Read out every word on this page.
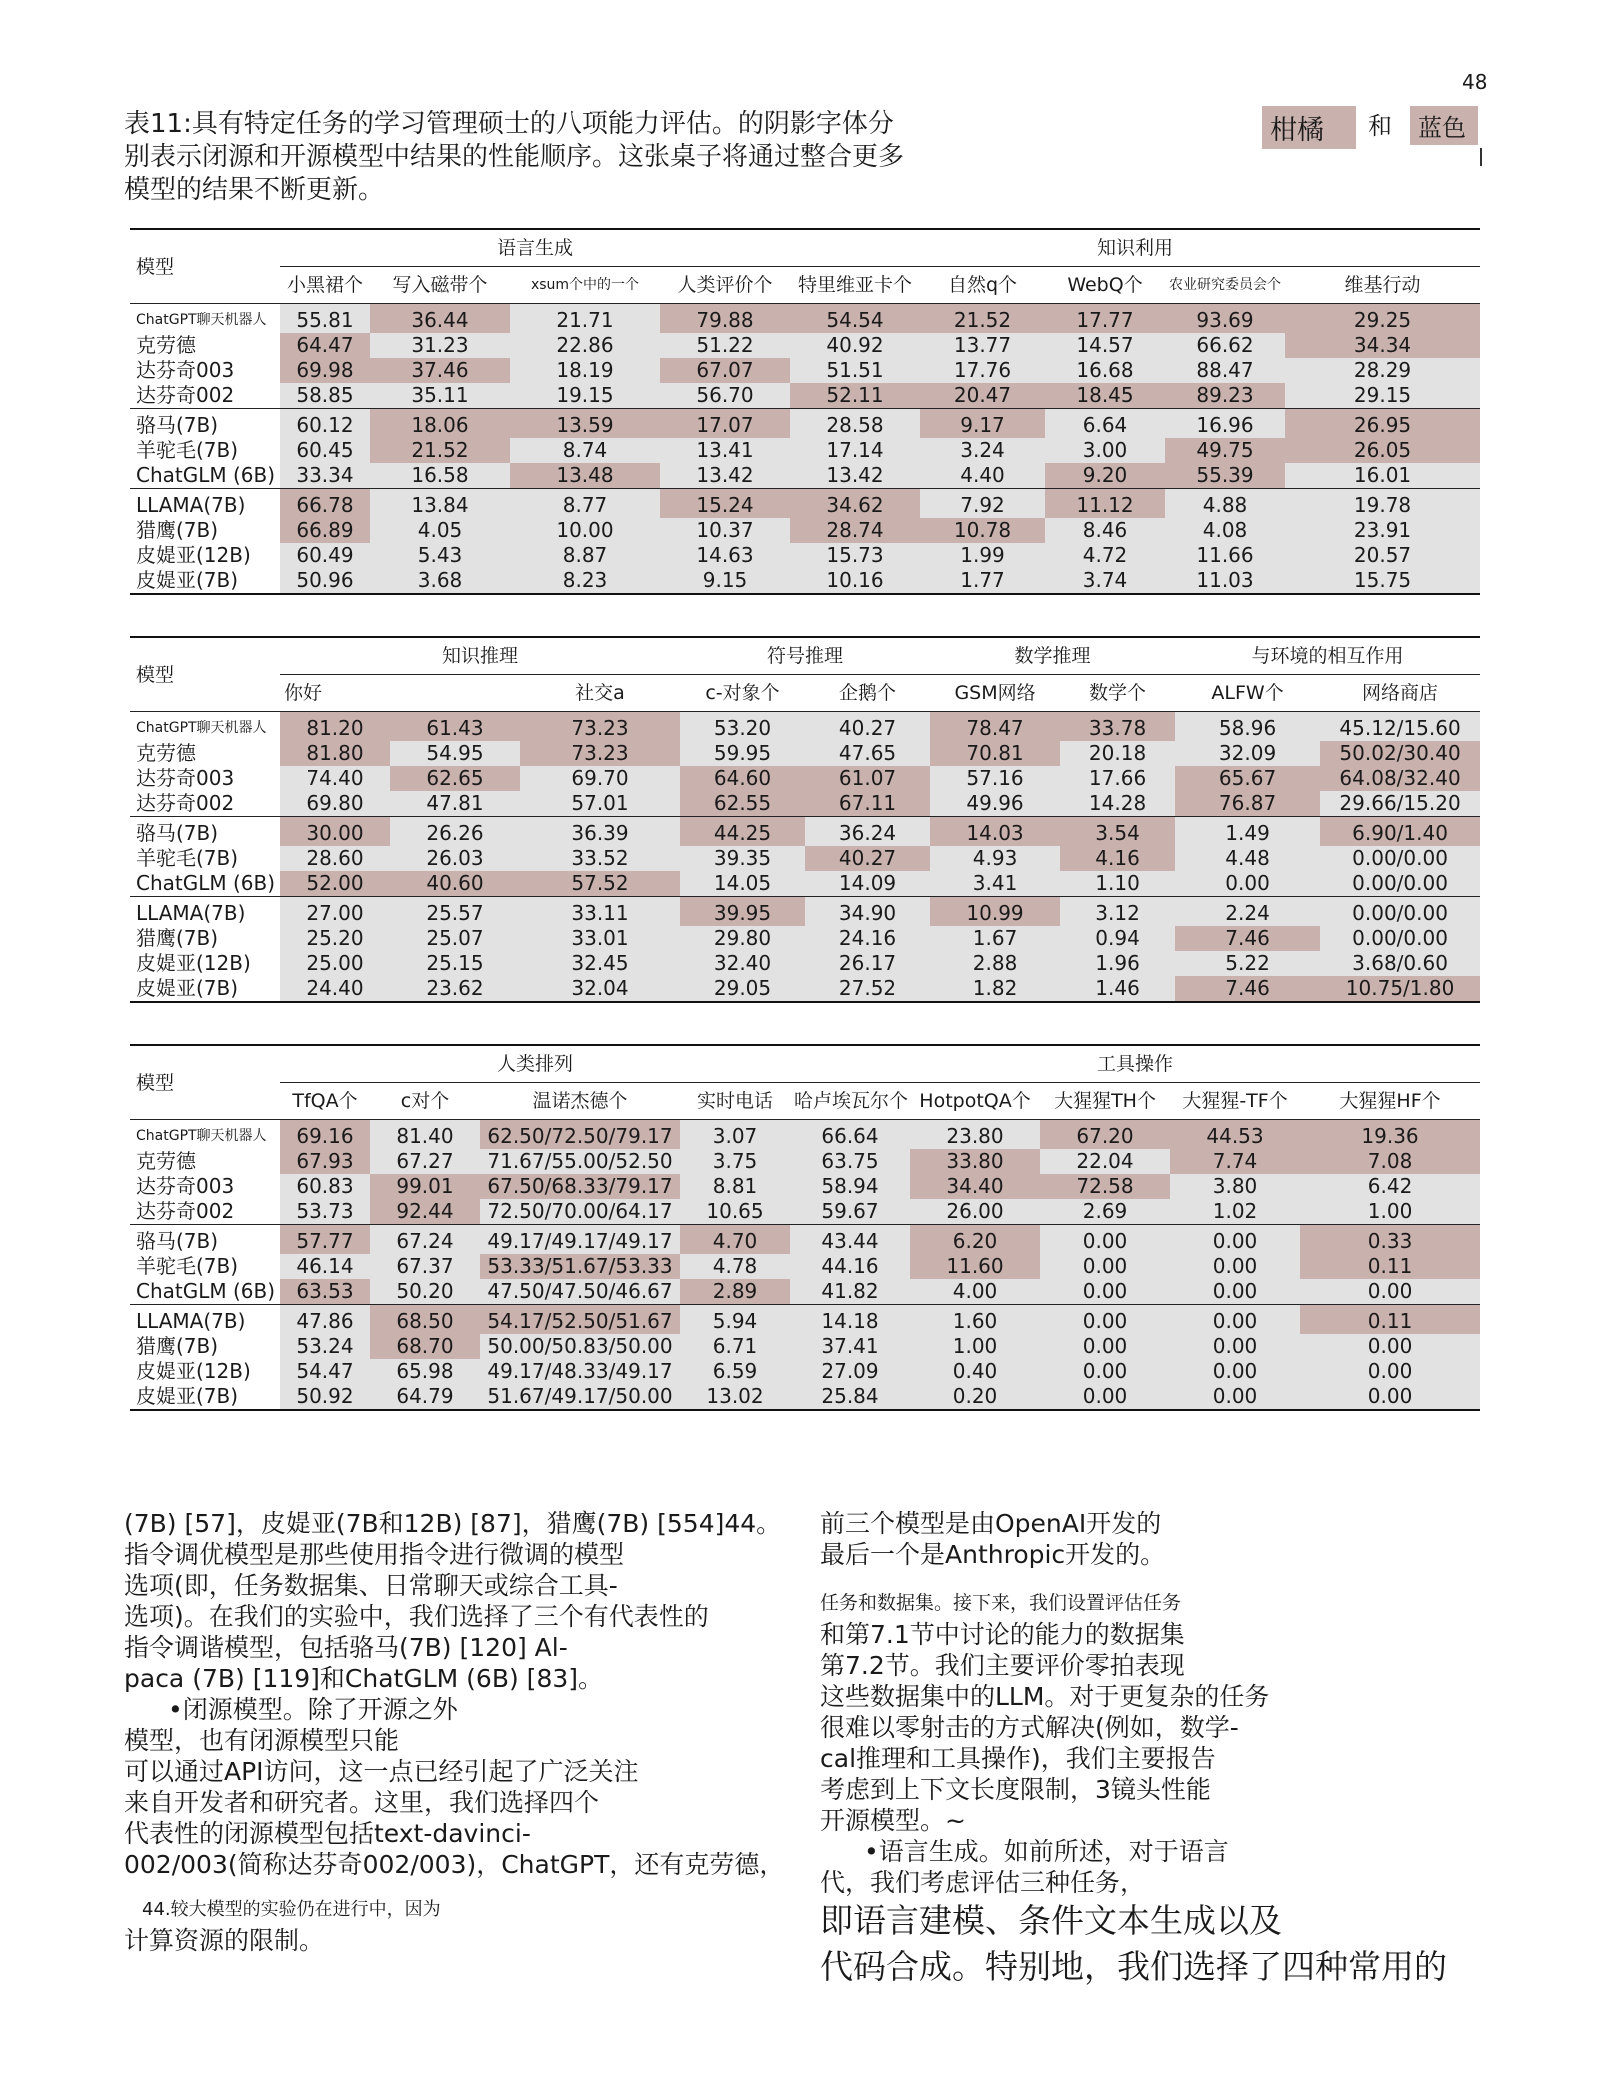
48
表11:具有特定任务的学习管理硕士的八项能力评估。的阴影字体分别表示闭源和开源模型中结果的性能顺序。这张桌子将通过整合更多模型的结果不断更新。
柑橘 和 蓝色
模型	语言生成				知识利用				
	小黑裙个	写入磁带个	xsum个中的一个	人类评价个	特里维亚卡个	自然q个	WebQ个	农业研究委员会个	维基行动
ChatGPT聊天机器人	55.81	36.44	21.71	79.88	54.54	21.52	17.77	93.69	29.25
克劳德	64.47	31.23	22.86	51.22	40.92	13.77	14.57	66.62	34.34
达芬奇003	69.98	37.46	18.19	67.07	51.51	17.76	16.68	88.47	28.29
达芬奇002	58.85	35.11	19.15	56.70	52.11	20.47	18.45	89.23	29.15
骆马(7B)	60.12	18.06	13.59	17.07	28.58	9.17	6.64	16.96	26.95
羊驼毛(7B)	60.45	21.52	8.74	13.41	17.14	3.24	3.00	49.75	26.05
ChatGLM (6B)	33.34	16.58	13.48	13.42	13.42	4.40	9.20	55.39	16.01
LLAMA(7B)	66.78	13.84	8.77	15.24	34.62	7.92	11.12	4.88	19.78
猎鹰(7B)	66.89	4.05	10.00	10.37	28.74	10.78	8.46	4.08	23.91
皮媞亚(12B)	60.49	5.43	8.87	14.63	15.73	1.99	4.72	11.66	20.57
皮媞亚(7B)	50.96	3.68	8.23	9.15	10.16	1.77	3.74	11.03	15.75
模型	知识推理			符号推理		数学推理		与环境的相互作用	
	你好		社交a	c-对象个	企鹅个	GSM网络	数学个	ALFW个	网络商店
ChatGPT聊天机器人	81.20	61.43	73.23	53.20	40.27	78.47	33.78	58.96	45.12/15.60
克劳德	81.80	54.95	73.23	59.95	47.65	70.81	20.18	32.09	50.02/30.40
达芬奇003	74.40	62.65	69.70	64.60	61.07	57.16	17.66	65.67	64.08/32.40
达芬奇002	69.80	47.81	57.01	62.55	67.11	49.96	14.28	76.87	29.66/15.20
骆马(7B)	30.00	26.26	36.39	44.25	36.24	14.03	3.54	1.49	6.90/1.40
羊驼毛(7B)	28.60	26.03	33.52	39.35	40.27	4.93	4.16	4.48	0.00/0.00
ChatGLM (6B)	52.00	40.60	57.52	14.05	14.09	3.41	1.10	0.00	0.00/0.00
LLAMA(7B)	27.00	25.57	33.11	39.95	34.90	10.99	3.12	2.24	0.00/0.00
猎鹰(7B)	25.20	25.07	33.01	29.80	24.16	1.67	0.94	7.46	0.00/0.00
皮媞亚(12B)	25.00	25.15	32.45	32.40	26.17	2.88	1.96	5.22	3.68/0.60
皮媞亚(7B)	24.40	23.62	32.04	29.05	27.52	1.82	1.46	7.46	10.75/1.80
模型	人类排列				工具操作				
	TfQA个	c对个	温诺杰德个	实时电话	哈卢埃瓦尔个	HotpotQA个	大猩猩TH个	大猩猩-TF个	大猩猩HF个
ChatGPT聊天机器人	69.16	81.40	62.50/72.50/79.17	3.07	66.64	23.80	67.20	44.53	19.36
克劳德	67.93	67.27	71.67/55.00/52.50	3.75	63.75	33.80	22.04	7.74	7.08
达芬奇003	60.83	99.01	67.50/68.33/79.17	8.81	58.94	34.40	72.58	3.80	6.42
达芬奇002	53.73	92.44	72.50/70.00/64.17	10.65	59.67	26.00	2.69	1.02	1.00
骆马(7B)	57.77	67.24	49.17/49.17/49.17	4.70	43.44	6.20	0.00	0.00	0.33
羊驼毛(7B)	46.14	67.37	53.33/51.67/53.33	4.78	44.16	11.60	0.00	0.00	0.11
ChatGLM (6B)	63.53	50.20	47.50/47.50/46.67	2.89	41.82	4.00	0.00	0.00	0.00
LLAMA(7B)	47.86	68.50	54.17/52.50/51.67	5.94	14.18	1.60	0.00	0.00	0.11
猎鹰(7B)	53.24	68.70	50.00/50.83/50.00	6.71	37.41	1.00	0.00	0.00	0.00
皮媞亚(12B)	54.47	65.98	49.17/48.33/49.17	6.59	27.09	0.40	0.00	0.00	0.00
皮媞亚(7B)	50.92	64.79	51.67/49.17/50.00	13.02	25.84	0.20	0.00	0.00	0.00

(7B) [57]，皮媞亚(7B和12B) [87]，猎鹰(7B) [554]44。

指令调优模型是那些使用指令进行微调的模型

选项(即，任务数据集、日常聊天或综合工具-

选项)。在我们的实验中，我们选择了三个有代表性的

指令调谐模型，包括骆马(7B) [120] Al-

paca (7B) [119]和ChatGLM (6B) [83]。

•闭源模型。除了开源之外

模型，也有闭源模型只能

可以通过API访问，这一点已经引起了广泛关注

来自开发者和研究者。这里，我们选择四个

代表性的闭源模型包括text-davinci-

002/003(简称达芬奇002/003)，ChatGPT，还有克劳德，

44.较大模型的实验仍在进行中，因为

计算资源的限制。

前三个模型是由OpenAI开发的

最后一个是Anthropic开发的。

任务和数据集。接下来，我们设置评估任务

和第7.1节中讨论的能力的数据集

第7.2节。我们主要评价零拍表现

这些数据集中的LLM。对于更复杂的任务

很难以零射击的方式解决(例如，数学-

cal推理和工具操作)，我们主要报告

考虑到上下文长度限制，3镜头性能

开源模型。~

•语言生成。如前所述，对于语言

代，我们考虑评估三种任务，

即语言建模、条件文本生成以及

代码合成。特别地，我们选择了四种常用的
